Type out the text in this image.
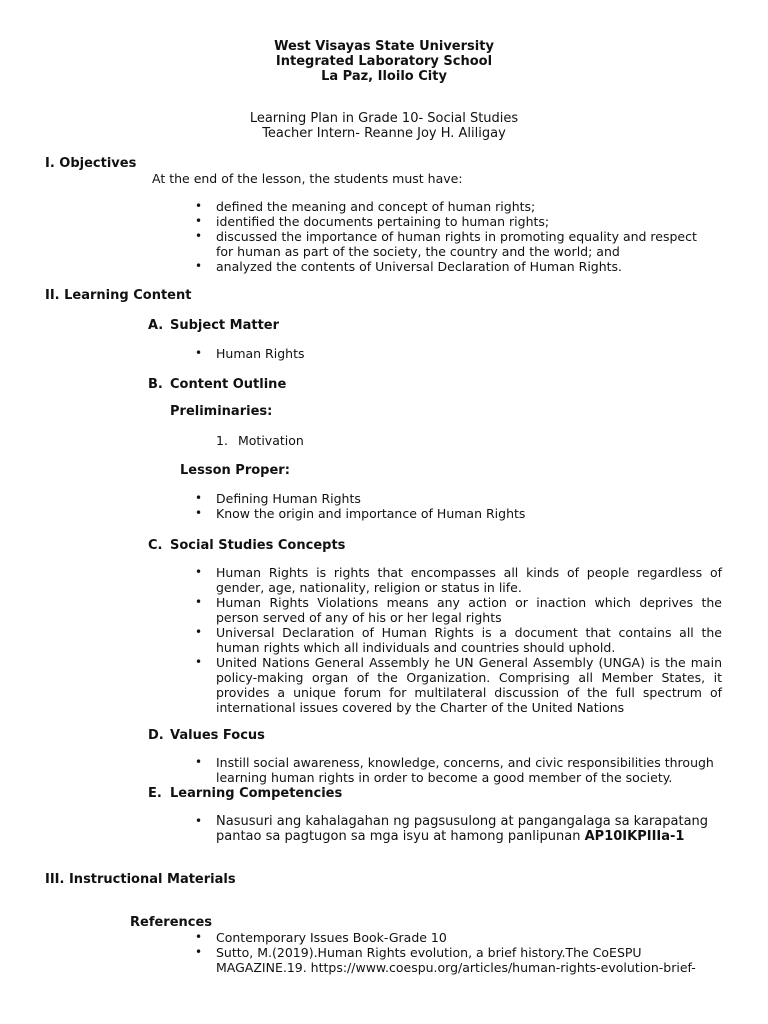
West Visayas State University
Integrated Laboratory School
La Paz, Iloilo City
Learning Plan in Grade 10- Social Studies
Teacher Intern- Reanne Joy H. Aliligay
I. Objectives
At the end of the lesson, the students must have:
• defined the meaning and concept of human rights;
• identified the documents pertaining to human rights;
• discussed the importance of human rights in promoting equality and respect for human as part of the society, the country and the world; and
• analyzed the contents of Universal Declaration of Human Rights.
II. Learning Content
A. Subject Matter
• Human Rights
B. Content Outline
Preliminaries:
1. Motivation
Lesson Proper:
• Defining Human Rights
• Know the origin and importance of Human Rights
C. Social Studies Concepts
• Human Rights is rights that encompasses all kinds of people regardless of gender, age, nationality, religion or status in life.
• Human Rights Violations means any action or inaction which deprives the person served of any of his or her legal rights
• Universal Declaration of Human Rights is a document that contains all the human rights which all individuals and countries should uphold.
• United Nations General Assembly he UN General Assembly (UNGA) is the main policy-making organ of the Organization. Comprising all Member States, it provides a unique forum for multilateral discussion of the full spectrum of international issues covered by the Charter of the United Nations
D. Values Focus
• Instill social awareness, knowledge, concerns, and civic responsibilities through learning human rights in order to become a good member of the society.
E. Learning Competencies
• Nasusuri ang kahalagahan ng pagsusulong at pangangalaga sa karapatang pantao sa pagtugon sa mga isyu at hamong panlipunan AP10IKPIIIa-1
III. Instructional Materials
References
• Contemporary Issues Book-Grade 10
• Sutto, M.(2019).Human Rights evolution, a brief history.The CoESPU MAGAZINE.19. https://www.coespu.org/articles/human-rights-evolution-brief-
